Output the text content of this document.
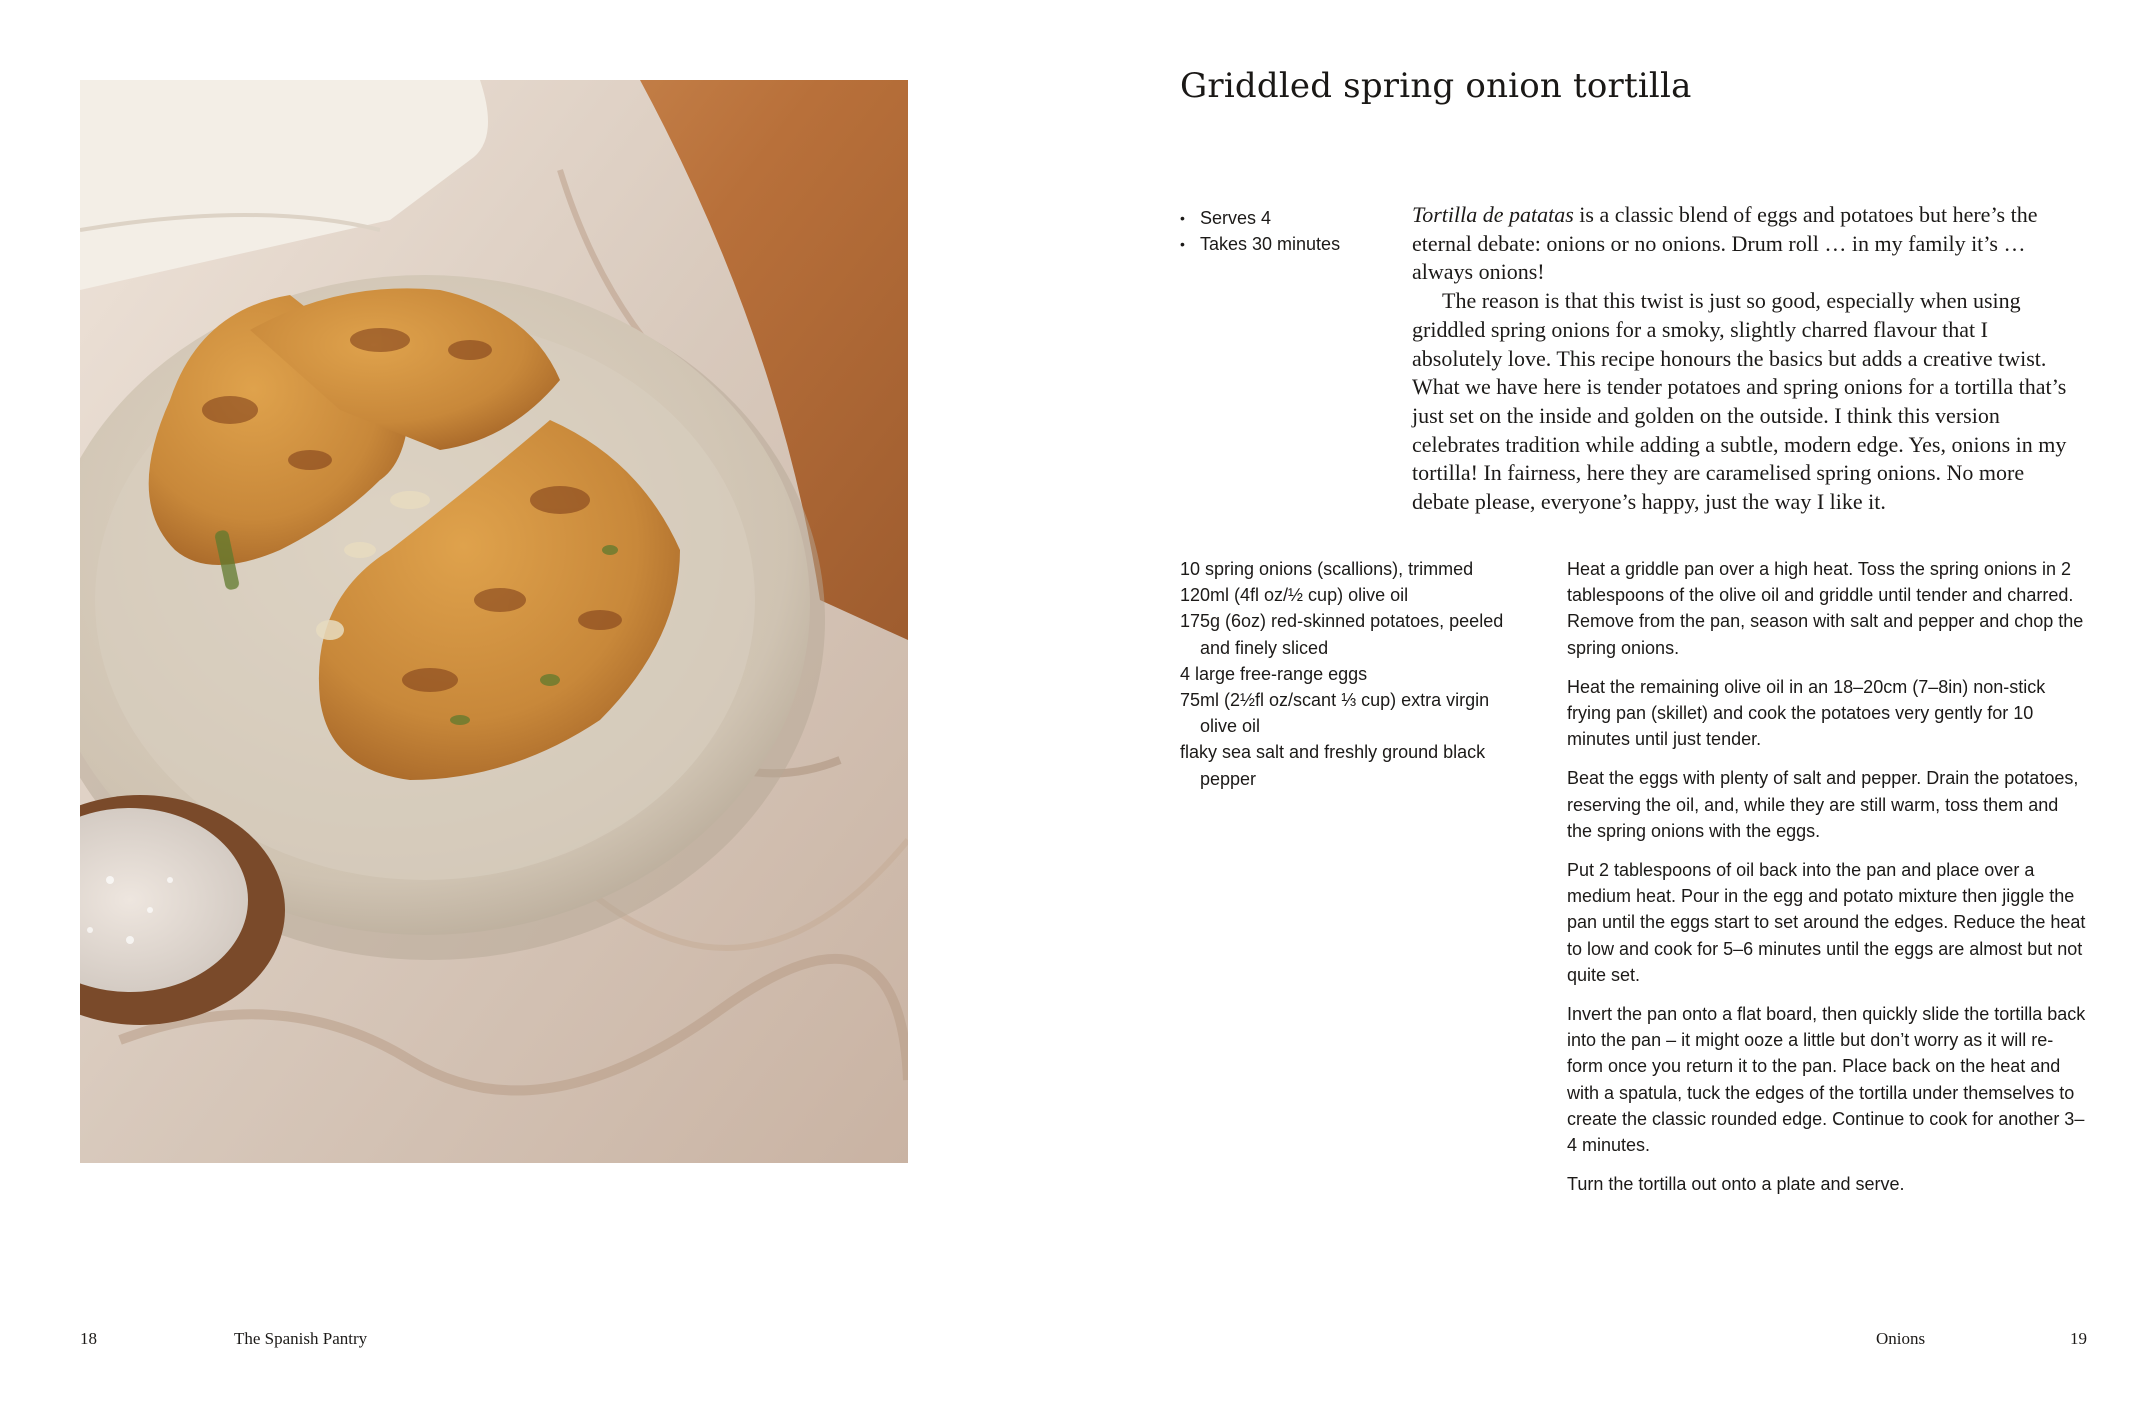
Griddled spring onion tortilla
• Serves 4
• Takes 30 minutes

Tortilla de patatas is a classic blend of eggs and potatoes but here’s the eternal debate: onions or no onions. Drum roll … in my family it’s … always onions!

The reason is that this twist is just so good, especially when using griddled spring onions for a smoky, slightly charred flavour that I absolutely love. This recipe honours the basics but adds a creative twist. What we have here is tender potatoes and spring onions for a tortilla that’s just set on the inside and golden on the outside. I think this version celebrates tradition while adding a subtle, modern edge. Yes, onions in my tortilla! In fairness, here they are caramelised spring onions. No more debate please, everyone’s happy, just the way I like it.

10 spring onions (scallions), trimmed
120ml (4fl oz/½ cup) olive oil
175g (6oz) red-skinned potatoes, peeled and finely sliced
4 large free-range eggs
75ml (2½fl oz/scant ⅓ cup) extra virgin olive oil
flaky sea salt and freshly ground black pepper

Heat a griddle pan over a high heat. Toss the spring onions in 2 tablespoons of the olive oil and griddle until tender and charred. Remove from the pan, season with salt and pepper and chop the spring onions.

Heat the remaining olive oil in an 18–20cm (7–8in) non-stick frying pan (skillet) and cook the potatoes very gently for 10 minutes until just tender.

Beat the eggs with plenty of salt and pepper. Drain the potatoes, reserving the oil, and, while they are still warm, toss them and the spring onions with the eggs.

Put 2 tablespoons of oil back into the pan and place over a medium heat. Pour in the egg and potato mixture then jiggle the pan until the eggs start to set around the edges. Reduce the heat to low and cook for 5–6 minutes until the eggs are almost but not quite set.

Invert the pan onto a flat board, then quickly slide the tortilla back into the pan – it might ooze a little but don’t worry as it will re-form once you return it to the pan. Place back on the heat and with a spatula, tuck the edges of the tortilla under themselves to create the classic rounded edge. Continue to cook for another 3–4 minutes.

Turn the tortilla out onto a plate and serve.

18	The Spanish Pantry	Onions	19
